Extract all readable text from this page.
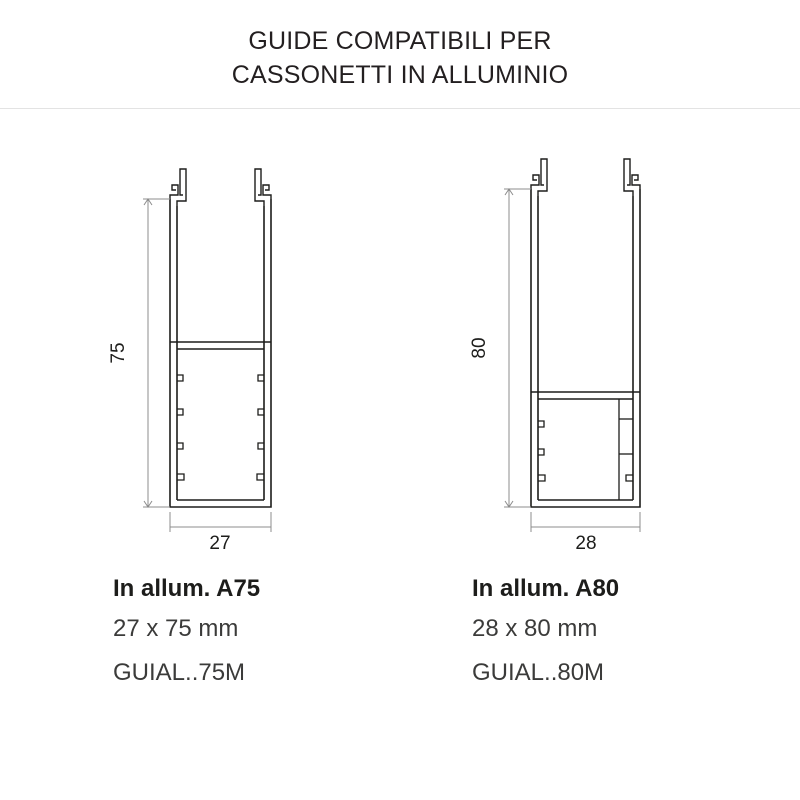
GUIDE COMPATIBILI PER
CASSONETTI IN ALLUMINIO
75
27
80
28
In allum. A75
27 x 75 mm
GUIAL..75M
In allum. A80
28 x 80 mm
GUIAL..80M
